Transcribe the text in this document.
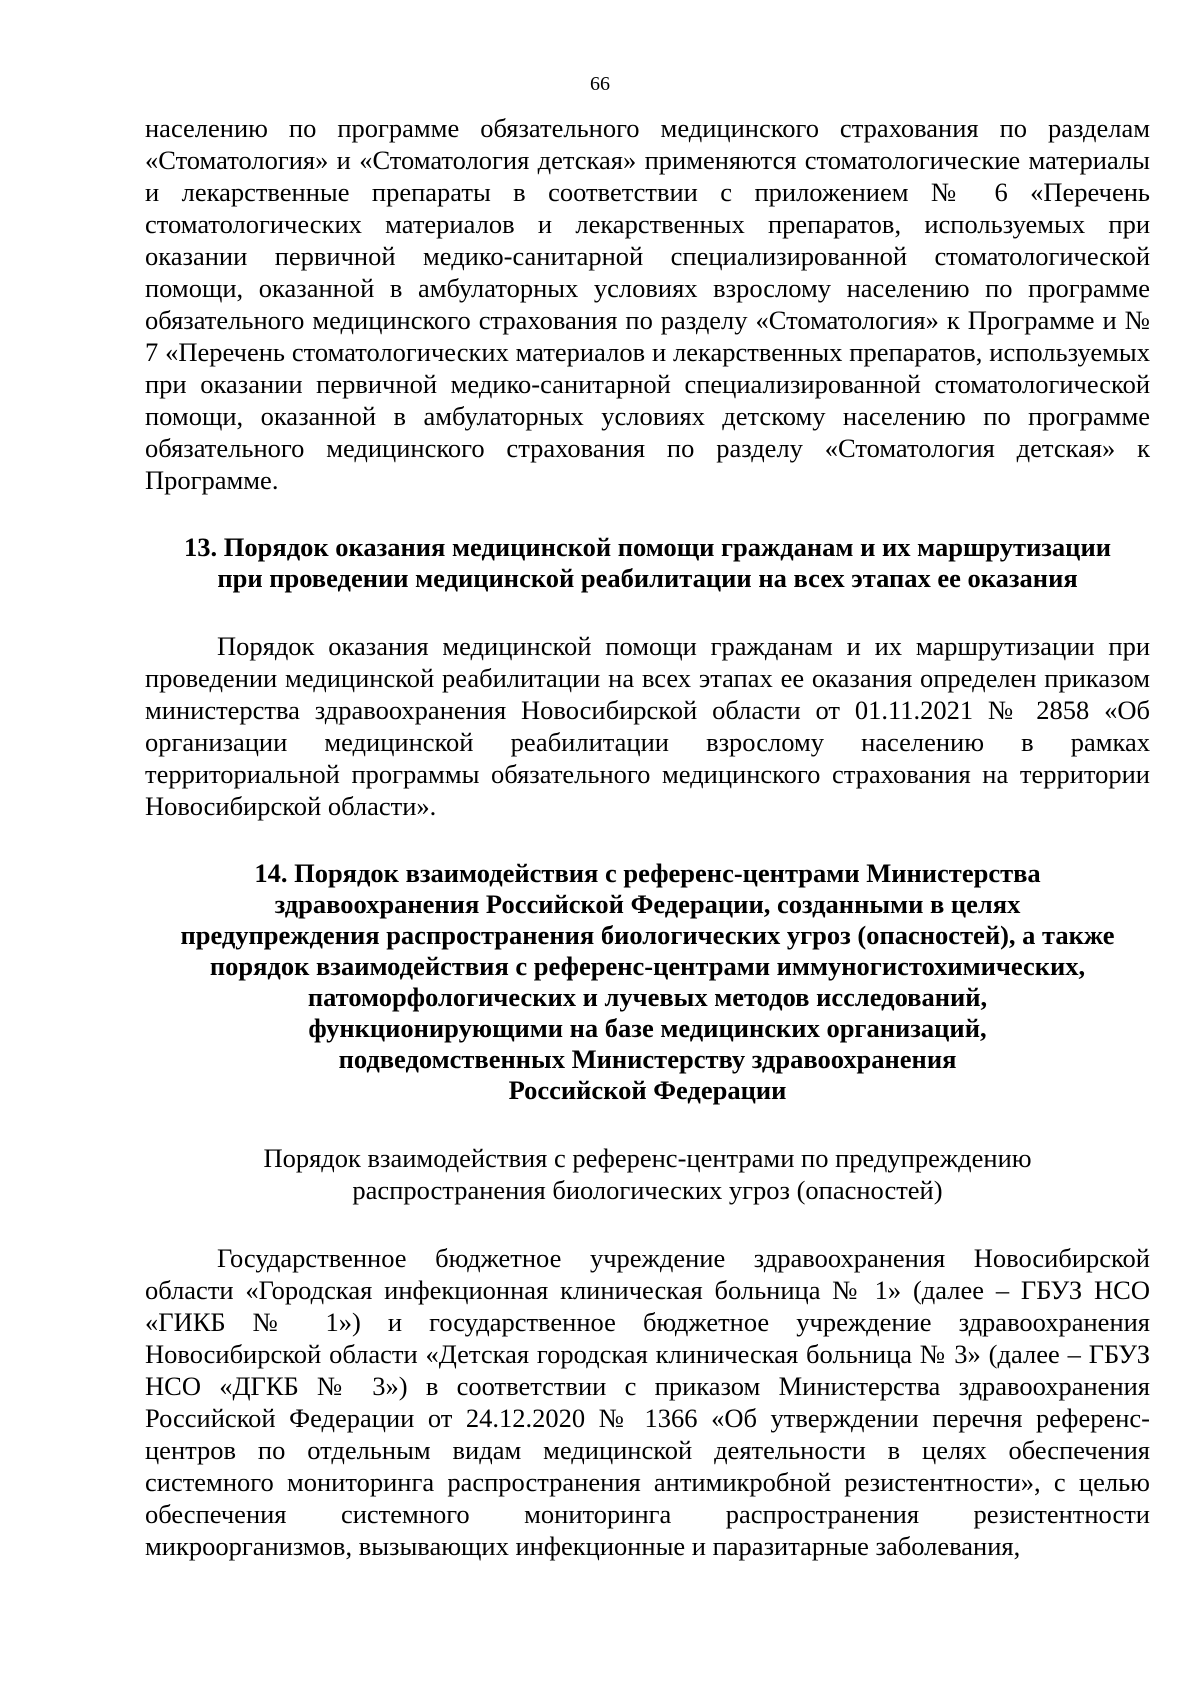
66

населению по программе обязательного медицинского страхования по разделам «Стоматология» и «Стоматология детская» применяются стоматологические материалы и лекарственные препараты в соответствии с приложением № 6 «Перечень стоматологических материалов и лекарственных препаратов, используемых при оказании первичной медико-санитарной специализированной стоматологической помощи, оказанной в амбулаторных условиях взрослому населению по программе обязательного медицинского страхования по разделу «Стоматология» к Программе и № 7 «Перечень стоматологических материалов и лекарственных препаратов, используемых при оказании первичной медико-санитарной специализированной стоматологической помощи, оказанной в амбулаторных условиях детскому населению по программе обязательного медицинского страхования по разделу «Стоматология детская» к Программе.

13. Порядок оказания медицинской помощи гражданам и их маршрутизации

при проведении медицинской реабилитации на всех этапах ее оказания

Порядок оказания медицинской помощи гражданам и их маршрутизации при проведении медицинской реабилитации на всех этапах ее оказания определен приказом министерства здравоохранения Новосибирской области от 01.11.2021 № 2858 «Об организации медицинской реабилитации взрослому населению в рамках территориальной программы обязательного медицинского страхования на территории Новосибирской области».

14. Порядок взаимодействия с референс-центрами Министерства

здравоохранения Российской Федерации, созданными в целях

предупреждения распространения биологических угроз (опасностей), а также

порядок взаимодействия с референс-центрами иммуногистохимических,

патоморфологических и лучевых методов исследований,

функционирующими на базе медицинских организаций,

подведомственных Министерству здравоохранения

Российской Федерации

Порядок взаимодействия с референс-центрами по предупреждению

распространения биологических угроз (опасностей)

Государственное бюджетное учреждение здравоохранения Новосибирской области «Городская инфекционная клиническая больница № 1» (далее – ГБУЗ НСО «ГИКБ № 1») и государственное бюджетное учреждение здравоохранения Новосибирской области «Детская городская клиническая больница № 3» (далее – ГБУЗ НСО «ДГКБ № 3») в соответствии с приказом Министерства здравоохранения Российской Федерации от 24.12.2020 № 1366 «Об утверждении перечня референс-центров по отдельным видам медицинской деятельности в целях обеспечения системного мониторинга распространения антимикробной резистентности», с целью обеспечения системного мониторинга распространения резистентности микроорганизмов, вызывающих инфекционные и паразитарные заболевания,
